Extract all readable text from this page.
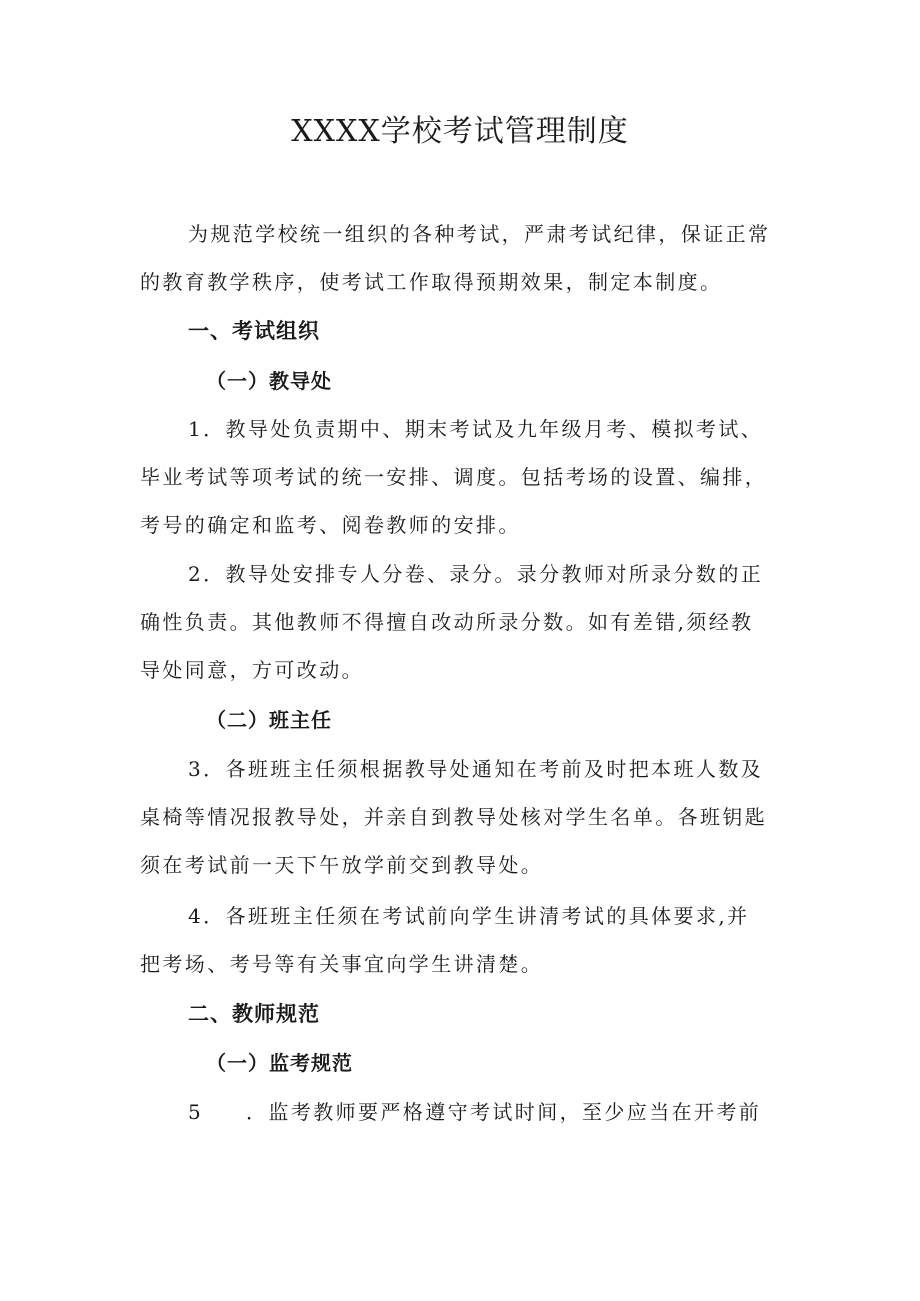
XXXX学校考试管理制度
为规范学校统一组织的各种考试，严肃考试纪律，保证正常
的教育教学秩序，使考试工作取得预期效果，制定本制度。
一、考试组织
（一）教导处
1．教导处负责期中、期末考试及九年级月考、模拟考试、
毕业考试等项考试的统一安排、调度。包括考场的设置、编排，
考号的确定和监考、阅卷教师的安排。
2．教导处安排专人分卷、录分。录分教师对所录分数的正
确性负责。其他教师不得擅自改动所录分数。如有差错,须经教
导处同意，方可改动。
（二）班主任
3．各班班主任须根据教导处通知在考前及时把本班人数及
桌椅等情况报教导处，并亲自到教导处核对学生名单。各班钥匙
须在考试前一天下午放学前交到教导处。
4．各班班主任须在考试前向学生讲清考试的具体要求,并
把考场、考号等有关事宜向学生讲清楚。
二、教师规范
（一）监考规范
5 ．监考教师要严格遵守考试时间，至少应当在开考前
